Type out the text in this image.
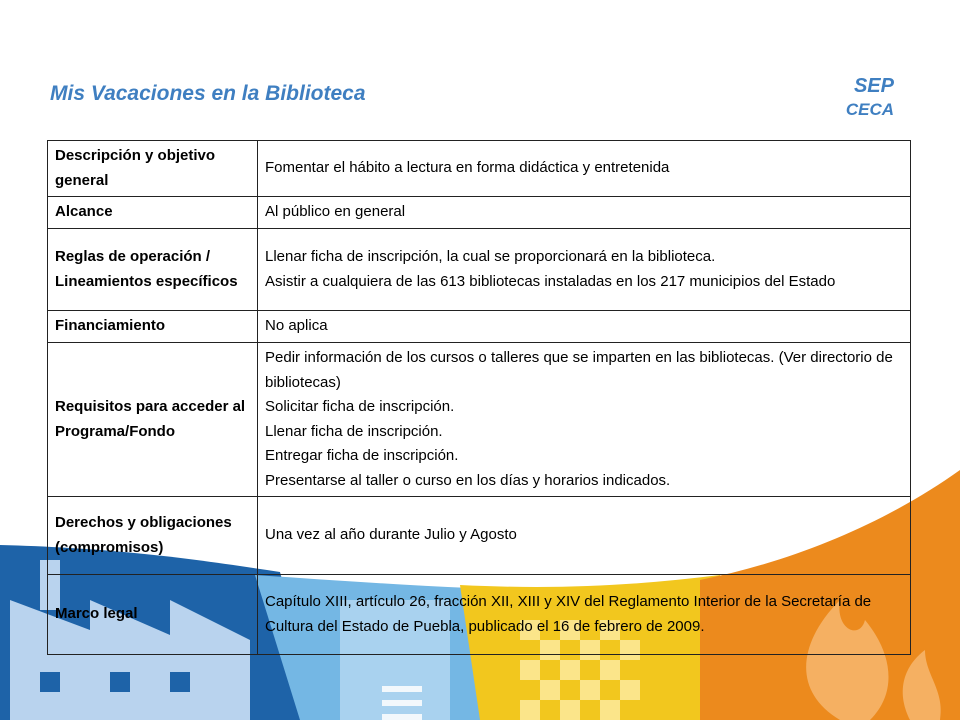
Mis Vacaciones en la Biblioteca	SEP
CECA
Descripción y objetivo general	Fomentar el hábito a lectura en forma didáctica y entretenida

Alcance	Al público en general

Reglas de operación / Lineamientos específicos	Llenar ficha de inscripción, la cual se proporcionará en la biblioteca.
Asistir a cualquiera de las 613 bibliotecas instaladas en los 217 municipios del Estado

Financiamiento	No aplica

Requisitos para acceder al Programa/Fondo	Pedir información de los cursos o talleres que se imparten en las bibliotecas. (Ver directorio de bibliotecas)
Solicitar ficha de inscripción.
Llenar ficha de inscripción.
Entregar ficha de inscripción.
Presentarse al taller o curso en los días y horarios indicados.

Derechos y obligaciones (compromisos)	Una vez al año durante Julio y Agosto

Marco legal	Capítulo XIII, artículo 26, fracción XII, XIII y XIV del Reglamento Interior de la Secretaría de Cultura del Estado de Puebla, publicado el 16 de febrero de 2009.
